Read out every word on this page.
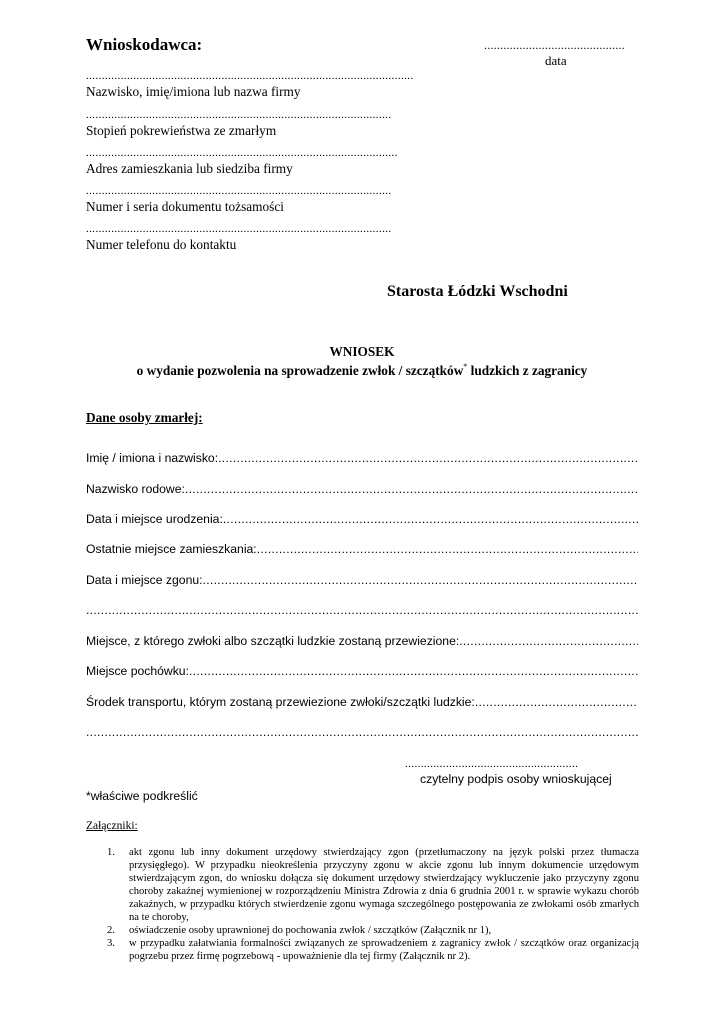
Wnioskodawca:	............................................
data
........................................................................................................
Nazwisko, imię/imiona lub nazwa firmy
.................................................................................................
Stopień pokrewieństwa ze zmarłym
...................................................................................................
Adres zamieszkania lub siedziba firmy
.................................................................................................
Numer i seria dokumentu tożsamości
.................................................................................................
Numer telefonu do kontaktu
Starosta Łódzki Wschodni
WNIOSEK
o wydanie pozwolenia na sprowadzenie zwłok / szczątków* ludzkich z zagranicy
Dane osoby zmarłej:
Imię / imiona i nazwisko:
.....
Nazwisko rodowe:
.....
Data i miejsce urodzenia:
.....
Ostatnie miejsce zamieszkania:
.....
Data i miejsce zgonu:
.....
.....
Miejsce, z którego zwłoki albo szczątki ludzkie zostaną przewiezione:
.....
Miejsce pochówku:
.....
Środek transportu, którym zostaną przewiezione zwłoki/szczątki ludzkie:
.....
.....
.......................................................
czytelny podpis osoby wnioskującej
*właściwe podkreślić
Załączniki:
1.	akt zgonu lub inny dokument urzędowy stwierdzający zgon (przetłumaczony na język polski przez tłumacza przysięgłego). W przypadku nieokreślenia przyczyny zgonu w akcie zgonu lub innym dokumencie urzędowym stwierdzającym zgon, do wniosku dołącza się dokument urzędowy stwierdzający wykluczenie jako przyczyny zgonu choroby zakaźnej wymienionej w rozporządzeniu Ministra Zdrowia z dnia 6 grudnia 2001 r. w sprawie wykazu chorób zakaźnych, w przypadku których stwierdzenie zgonu wymaga szczególnego postępowania ze zwłokami osób zmarłych na te choroby,
2.	oświadczenie osoby uprawnionej do pochowania zwłok / szczątków (Załącznik nr 1),
3.	w przypadku załatwiania formalności związanych ze sprowadzeniem z zagranicy zwłok / szczątków oraz organizacją pogrzebu przez firmę pogrzebową - upoważnienie dla tej firmy (Załącznik nr 2).
